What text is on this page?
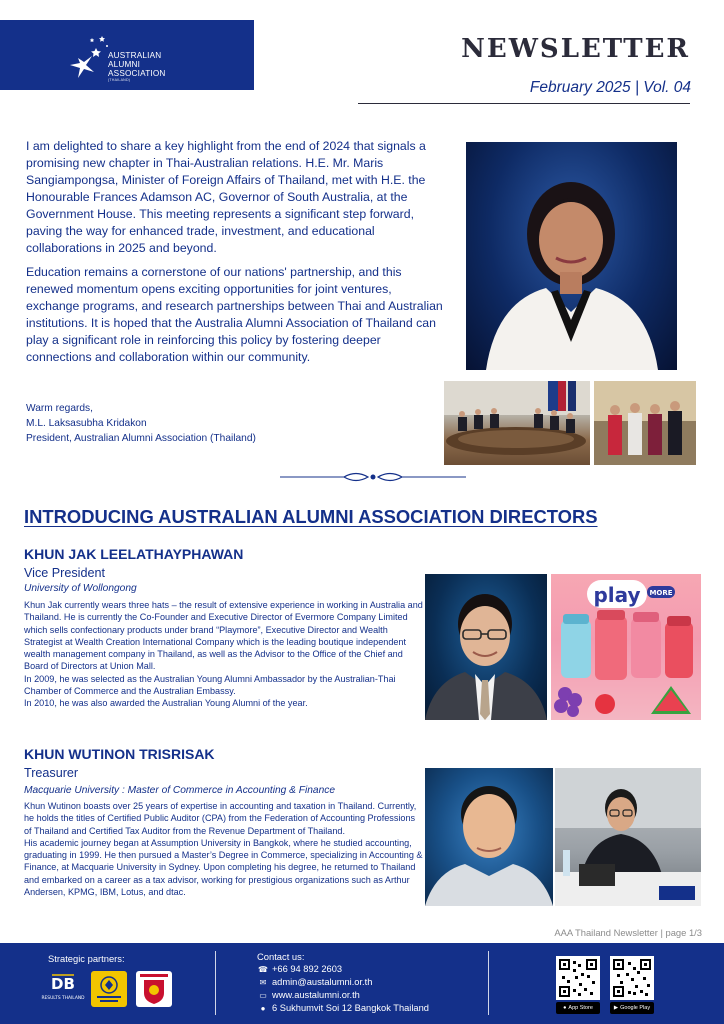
AUSTRALIAN
ALUMNI
ASSOCIATION
(THAILAND)
NEWSLETTER
February 2025 | Vol. 04

I am delighted to share a key highlight from the end of 2024 that signals a promising new chapter in Thai-Australian relations. H.E. Mr. Maris Sangiampongsa, Minister of Foreign Affairs of Thailand, met with H.E. the Honourable Frances Adamson AC, Governor of South Australia, at the Government House. This meeting represents a significant step forward, paving the way for enhanced trade, investment, and educational collaborations in 2025 and beyond.

Education remains a cornerstone of our nations' partnership, and this renewed momentum opens exciting opportunities for joint ventures, exchange programs, and research partnerships between Thai and Australian institutions. It is hoped that the Australia Alumni Association of Thailand can play a significant role in reinforcing this policy by fostering deeper connections and collaboration within our community.

Warm regards,
M.L. Laksasubha Kridakon
President, Australian Alumni Association (Thailand)
INTRODUCING AUSTRALIAN ALUMNI ASSOCIATION DIRECTORS
KHUN JAK LEELATHAYPHAWAN
Vice President
University of Wollongong
Khun Jak currently wears three hats – the result of extensive experience in working in Australia and Thailand. He is currently the Co-Founder and Executive Director of Evermore Company Limited which sells confectionary products under brand “Playmore”, Executive Director and Wealth Strategist at Wealth Creation International Company which is the leading boutique independent wealth management company in Thailand, as well as the Advisor to the Office of the Chief and Board of Directors at Union Mall.
In 2009, he was selected as the Australian Young Alumni Ambassador by the Australian-Thai Chamber of Commerce and the Australian Embassy.
In 2010, he was also awarded the Australian Young Alumni of the year.
play MORE
KHUN WUTINON TRISRISAK
Treasurer
Macquarie University : Master of Commerce in Accounting & Finance
Khun Wutinon boasts over 25 years of expertise in accounting and taxation in Thailand. Currently, he holds the titles of Certified Public Auditor (CPA) from the Federation of Accounting Professions of Thailand and Certified Tax Auditor from the Revenue Department of Thailand.
His academic journey began at Assumption University in Bangkok, where he studied accounting, graduating in 1999. He then pursued a Master’s Degree in Commerce, specializing in Accounting & Finance, at Macquarie University in Sydney. Upon completing his degree, he returned to Thailand and embarked on a career as a tax advisor, working for prestigious organizations such as Arthur Andersen, KPMG, IBM, Lotus, and dtac.
AAA Thailand Newsletter | page 1/3
Strategic partners:
DB
RESULTS THAILAND
Contact us:
☎ +66 94 892 2603
✉ admin@austalumni.or.th
▭ www.austalumni.or.th
● 6 Sukhumvit Soi 12 Bangkok Thailand	● App Store	▶ Google Play
